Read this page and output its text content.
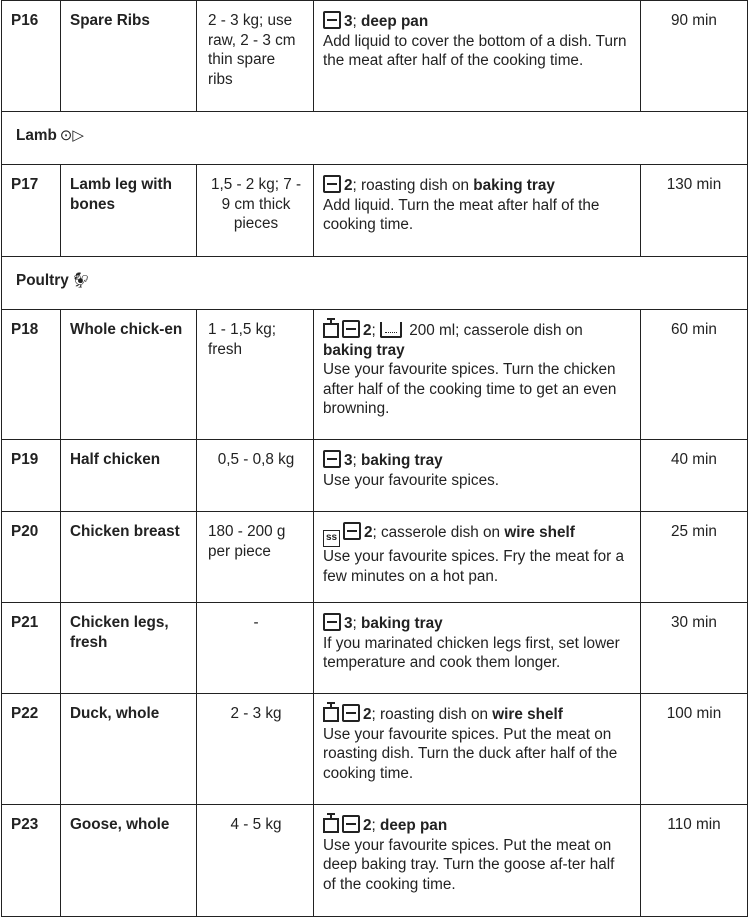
P16	Spare Ribs	2 - 3 kg; use raw, 2 - 3 cm thin spare ribs	3; deep pan
Add liquid to cover the bottom of a dish. Turn the meat after half of the cooking time.	90 min
Lamb ⊙▷				
P17	Lamb leg with bones	1,5 - 2 kg; 7 - 9 cm thick pieces	2; roasting dish on baking tray
Add liquid. Turn the meat after half of the cooking time.	130 min
Poultry 🐓︎				
P18	Whole chick-en	1 - 1,5 kg; fresh	2;  200 ml; casserole dish on baking tray
Use your favourite spices. Turn the chicken after half of the cooking time to get an even browning.	60 min
P19	Half chicken	0,5 - 0,8 kg	3; baking tray
Use your favourite spices.	40 min
P20	Chicken breast	180 - 200 g per piece	ss 2; casserole dish on wire shelf
Use your favourite spices. Fry the meat for a few minutes on a hot pan.	25 min
P21	Chicken legs, fresh	-	3; baking tray
If you marinated chicken legs first, set lower temperature and cook them longer.	30 min
P22	Duck, whole	2 - 3 kg	2; roasting dish on wire shelf
Use your favourite spices. Put the meat on roasting dish. Turn the duck after half of the cooking time.	100 min
P23	Goose, whole	4 - 5 kg	2; deep pan
Use your favourite spices. Put the meat on deep baking tray. Turn the goose af-ter half of the cooking time.	110 min
